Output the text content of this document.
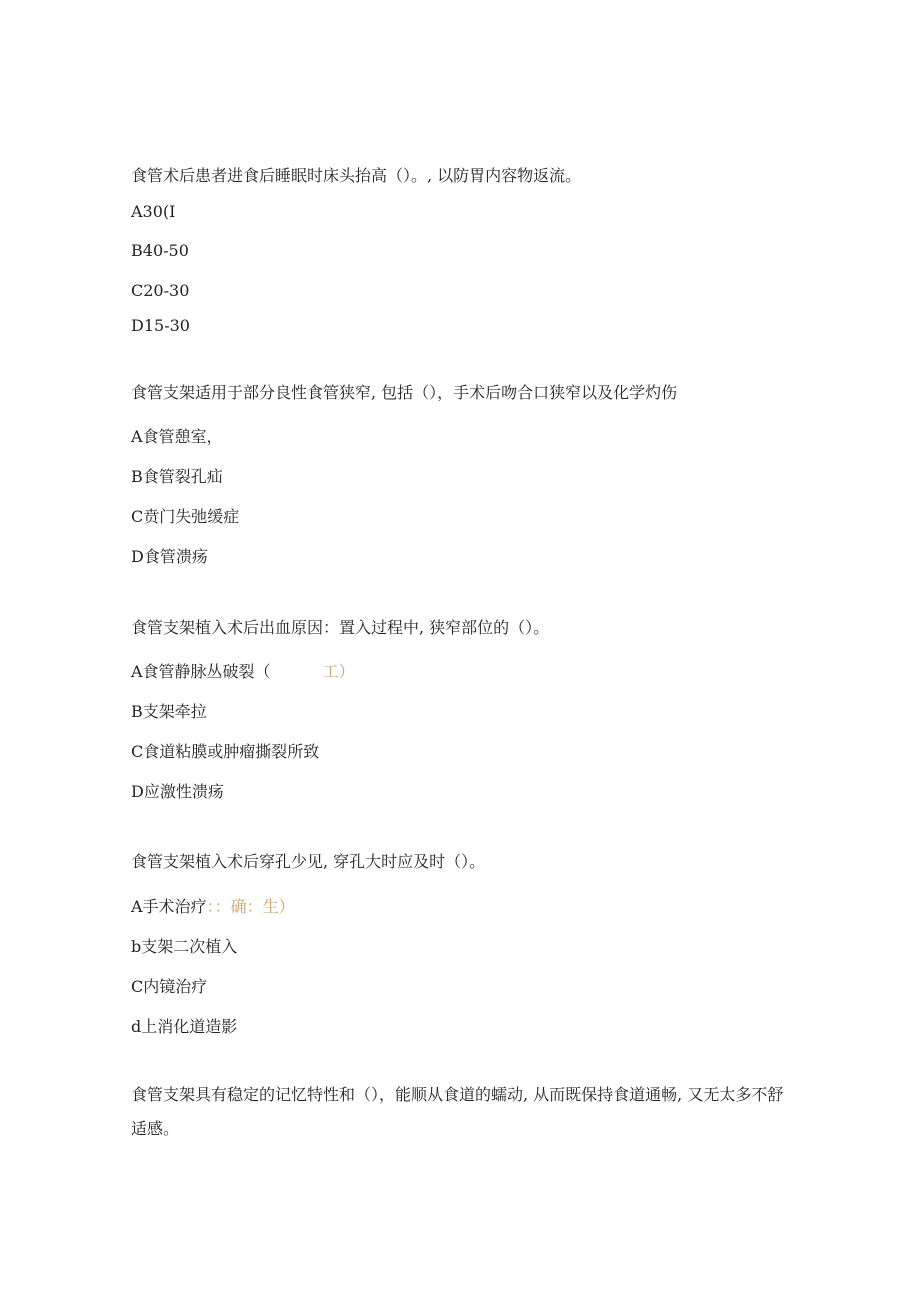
食管术后患者进食后睡眠时床头抬高（）。, 以防胃内容物返流。
A30(I
B40-50
C20-30
D15-30
食管支架适用于部分良性食管狭窄, 包括（），手术后吻合口狭窄以及化学灼伤
A食管憩室，
B食管裂孔疝
C贲门失弛缓症
D食管溃疡
食管支架植入术后出血原因：置入过程中, 狭窄部位的（）。
A食管静脉丛破裂（	工）
B支架牵拉
C食道粘膜或肿瘤撕裂所致
D应激性溃疡
食管支架植入术后穿孔少见, 穿孔大时应及时（）。
A手术治疗：：确：生）
b支架二次植入
C内镜治疗
d上消化道造影
食管支架具有稳定的记忆特性和（），能顺从食道的蠕动, 从而既保持食道通畅, 又无太多不舒适感。
